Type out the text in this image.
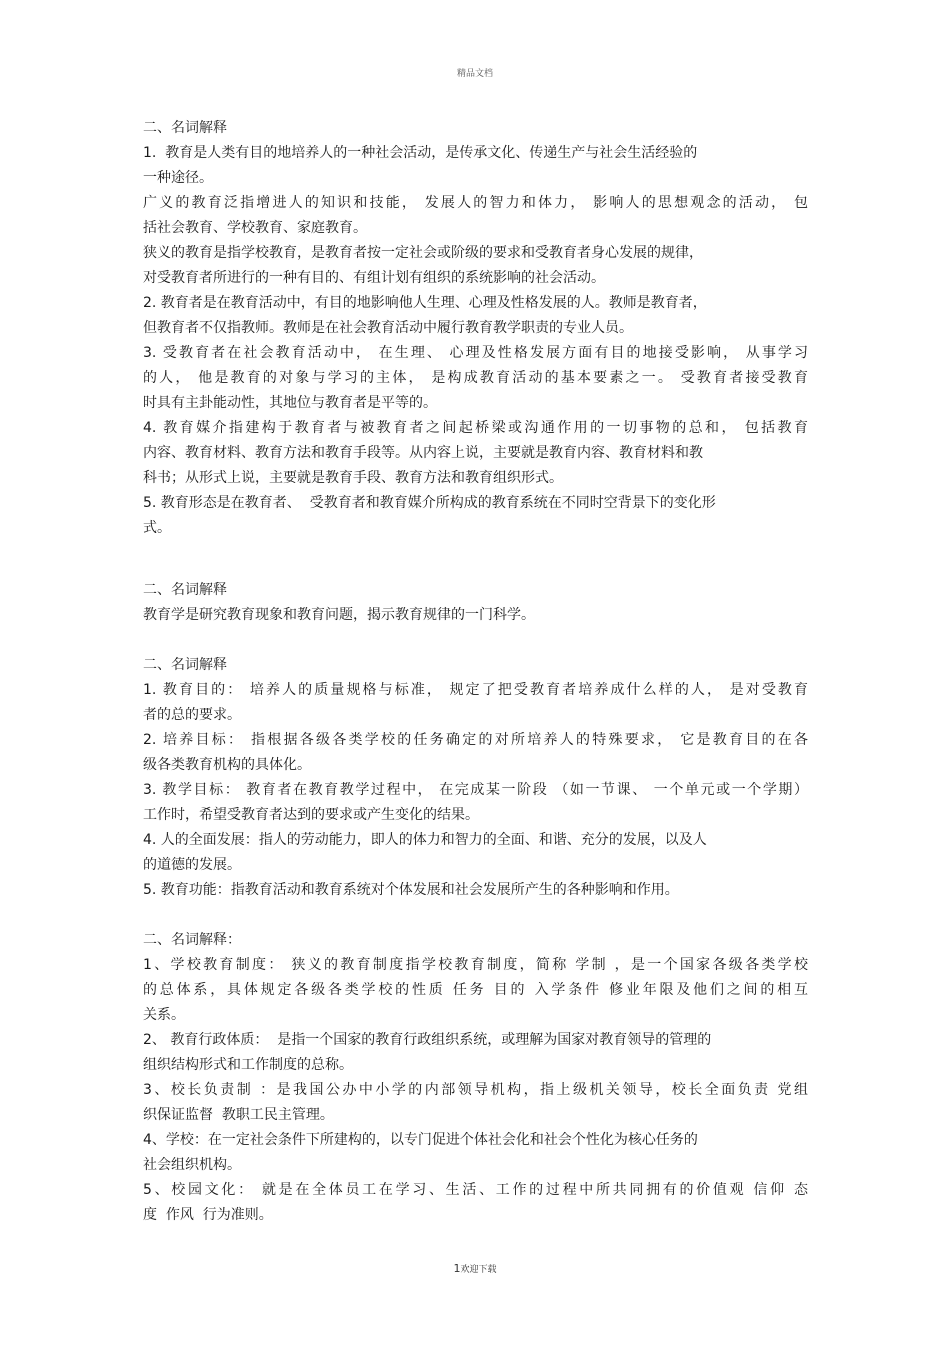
精品文档
二、名词解释
1.  教育是人类有目的地培养人的一种社会活动，是传承文化、传递生产与社会生活经验的
一种途径。
广义的教育泛指增进人的知识和技能， 发展人的智力和体力， 影响人的思想观念的活动， 包
括社会教育、学校教育、家庭教育。
狭义的教育是指学校教育，是教育者按一定社会或阶级的要求和受教育者身心发展的规律，
对受教育者所进行的一种有目的、有组计划有组织的系统影响的社会活动。
2. 教育者是在教育活动中，有目的地影响他人生理、心理及性格发展的人。教师是教育者，
但教育者不仅指教师。教师是在社会教育活动中履行教育教学职责的专业人员。
3. 受教育者在社会教育活动中， 在生理、 心理及性格发展方面有目的地接受影响， 从事学习
的人， 他是教育的对象与学习的主体， 是构成教育活动的基本要素之一。 受教育者接受教育
时具有主卦能动性，其地位与教育者是平等的。
4. 教育媒介指建构于教育者与被教育者之间起桥梁或沟通作用的一切事物的总和， 包括教育
内容、教育材料、教育方法和教育手段等。从内容上说，主要就是教育内容、教育材料和教
科书；从形式上说，主要就是教育手段、教育方法和教育组织形式。
5. 教育形态是在教育者、  受教育者和教育媒介所构成的教育系统在不同时空背景下的变化形
式。
二、名词解释
教育学是研究教育现象和教育问题，揭示教育规律的一门科学。
二、名词解释
1. 教育目的： 培养人的质量规格与标准， 规定了把受教育者培养成什么样的人， 是对受教育
者的总的要求。
2. 培养目标： 指根据各级各类学校的任务确定的对所培养人的特殊要求， 它是教育目的在各
级各类教育机构的具体化。
3. 教学目标： 教育者在教育教学过程中， 在完成某一阶段 （如一节课、 一个单元或一个学期）
工作时，希望受教育者达到的要求或产生变化的结果。
4. 人的全面发展：指人的劳动能力，即人的体力和智力的全面、和谐、充分的发展，以及人
的道德的发展。
5. 教育功能：指教育活动和教育系统对个体发展和社会发展所产生的各种影响和作用。
二、名词解释：
1、学校教育制度： 狭义的教育制度指学校教育制度，简称 学制 ，是一个国家各级各类学校
的总体系，具体规定各级各类学校的性质 任务 目的 入学条件 修业年限及他们之间的相互
关系。
2、 教育行政体质：  是指一个国家的教育行政组织系统，或理解为国家对教育领导的管理的
组织结构形式和工作制度的总称。
3、校长负责制 ：是我国公办中小学的内部领导机构，指上级机关领导，校长全面负责 党组
织保证监督  教职工民主管理。
4、学校：在一定社会条件下所建构的，以专门促进个体社会化和社会个性化为核心任务的
社会组织机构。
5、校园文化： 就是在全体员工在学习、生活、工作的过程中所共同拥有的价值观 信仰 态
度  作风  行为准则。
1欢迎下载
